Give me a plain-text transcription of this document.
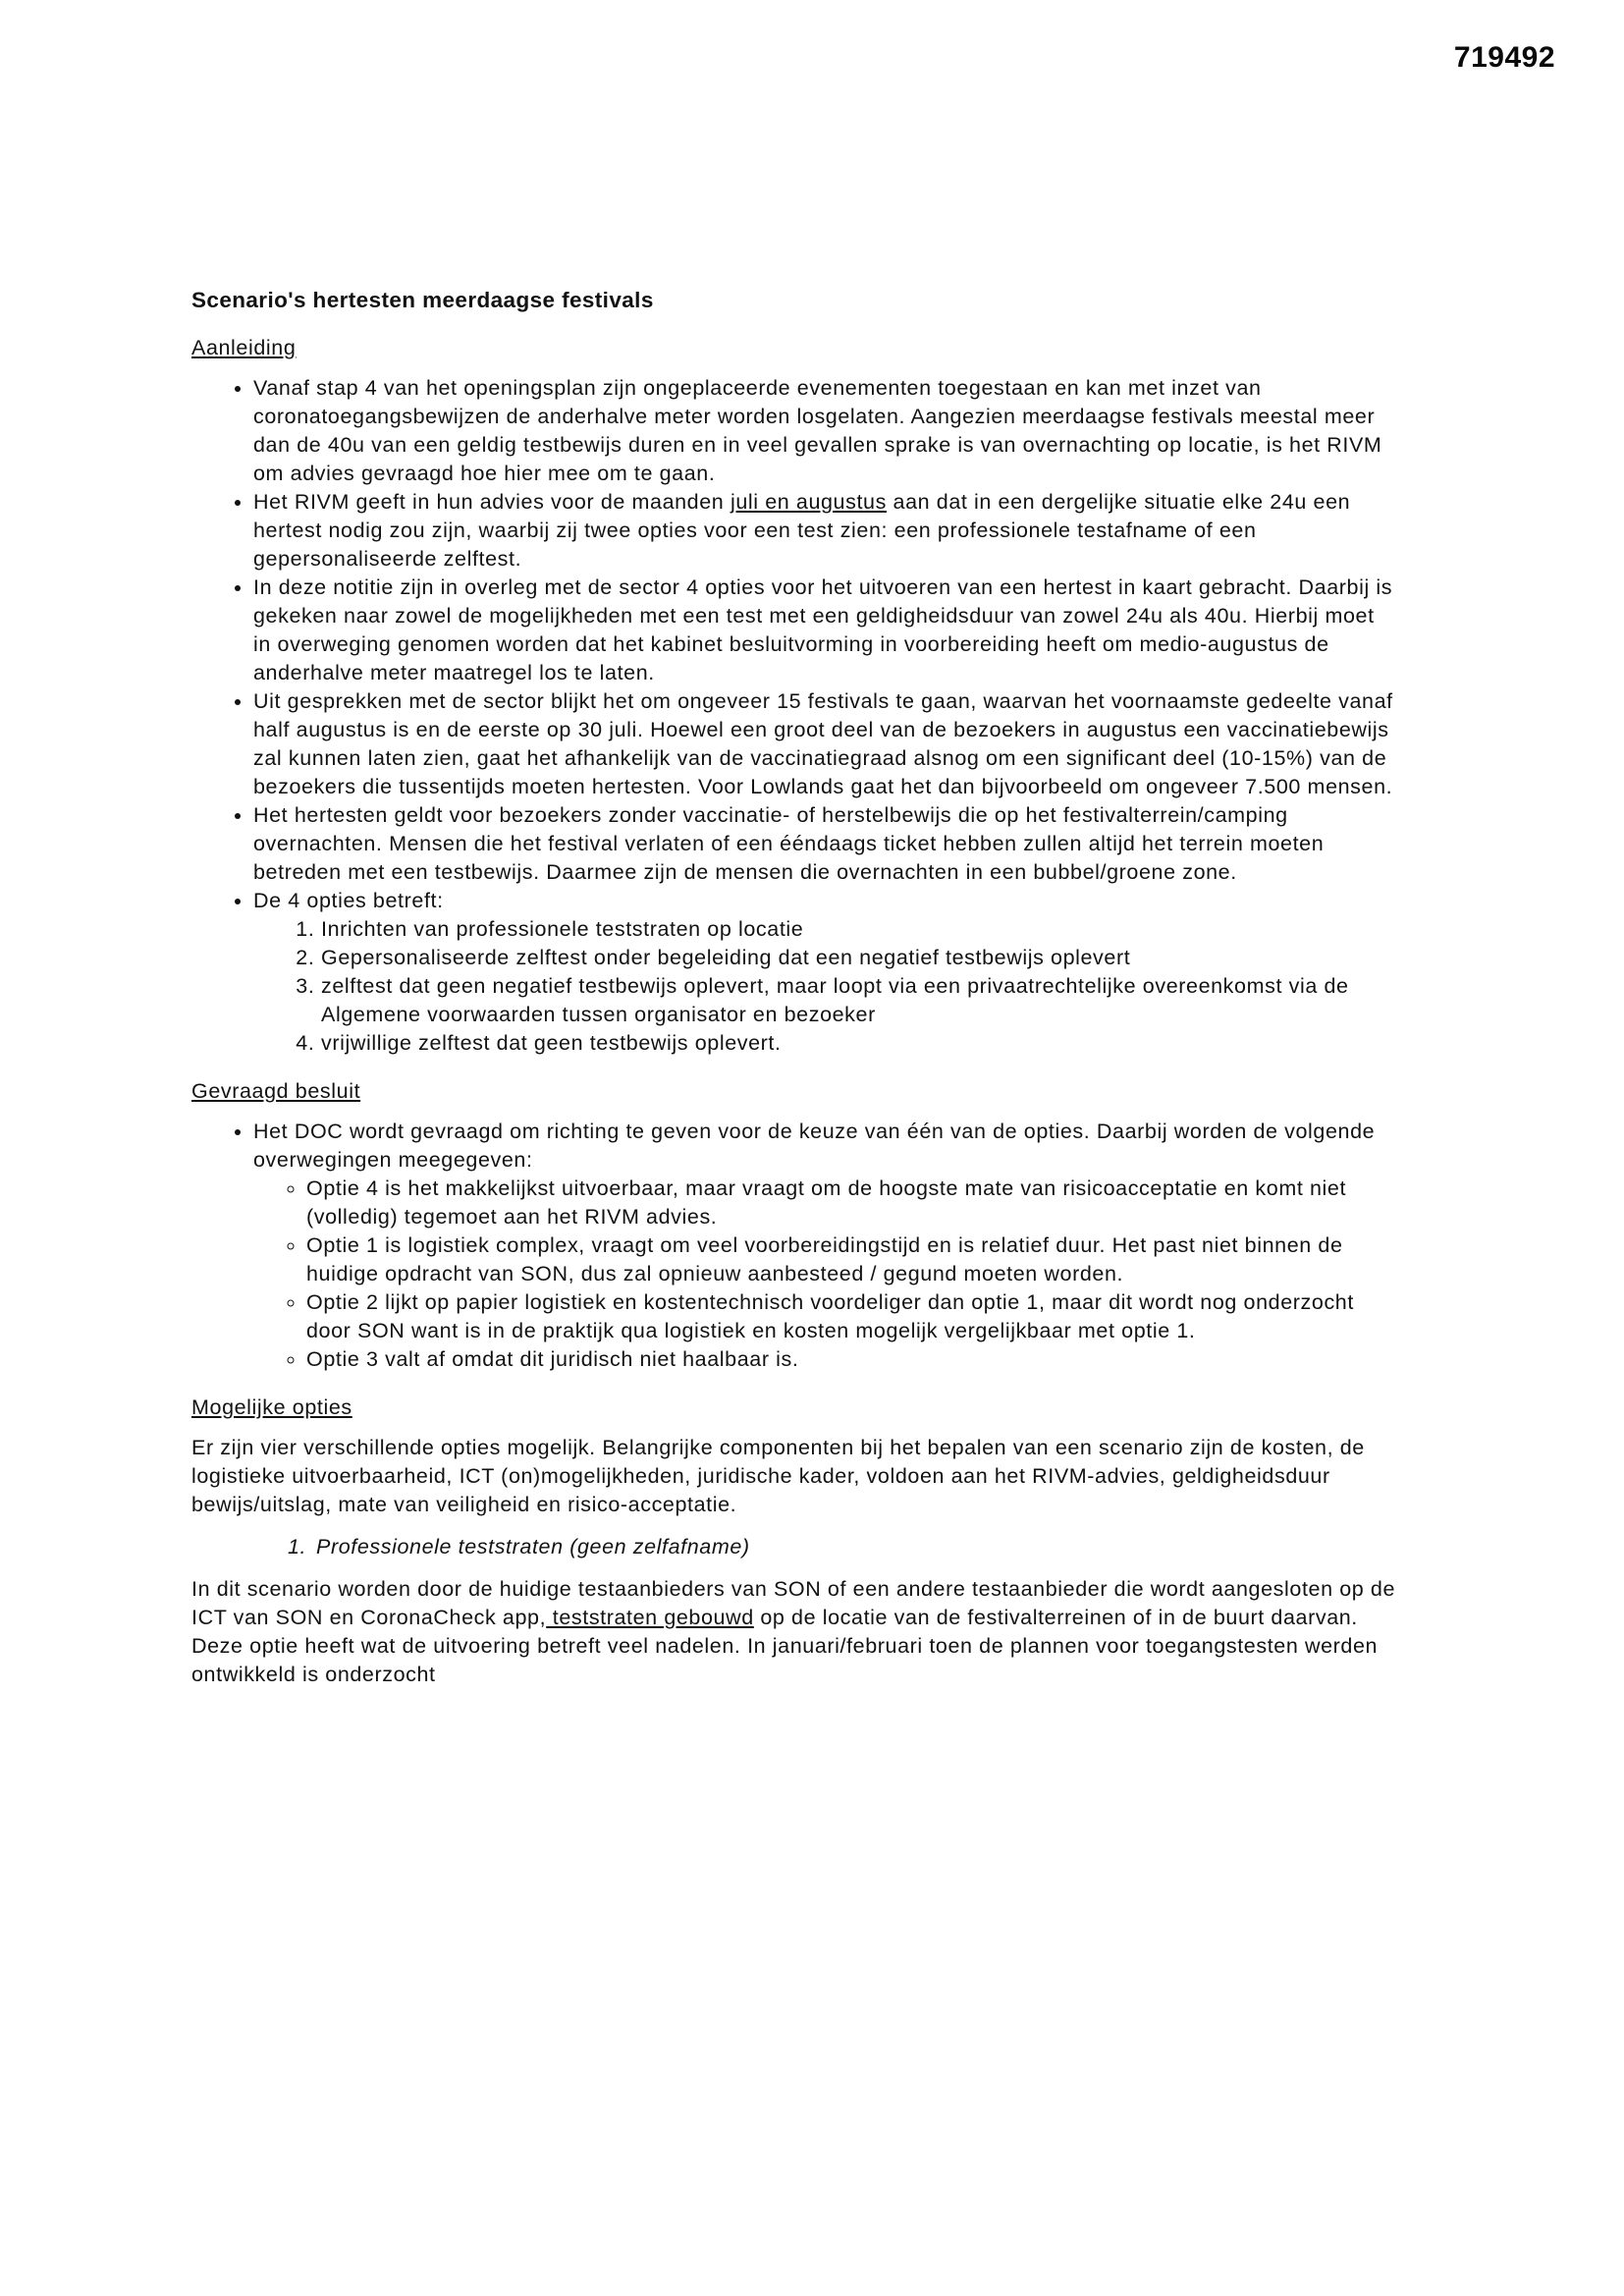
719492
Scenario's hertesten meerdaagse festivals
Aanleiding
• Vanaf stap 4 van het openingsplan zijn ongeplaceerde evenementen toegestaan en kan met inzet van coronatoegangsbewijzen de anderhalve meter worden losgelaten. Aangezien meerdaagse festivals meestal meer dan de 40u van een geldig testbewijs duren en in veel gevallen sprake is van overnachting op locatie, is het RIVM om advies gevraagd hoe hier mee om te gaan.
• Het RIVM geeft in hun advies voor de maanden juli en augustus aan dat in een dergelijke situatie elke 24u een hertest nodig zou zijn, waarbij zij twee opties voor een test zien: een professionele testafname of een gepersonaliseerde zelftest.
• In deze notitie zijn in overleg met de sector 4 opties voor het uitvoeren van een hertest in kaart gebracht. Daarbij is gekeken naar zowel de mogelijkheden met een test met een geldigheidsduur van zowel 24u als 40u. Hierbij moet in overweging genomen worden dat het kabinet besluitvorming in voorbereiding heeft om medio-augustus de anderhalve meter maatregel los te laten.
• Uit gesprekken met de sector blijkt het om ongeveer 15 festivals te gaan, waarvan het voornaamste gedeelte vanaf half augustus is en de eerste op 30 juli. Hoewel een groot deel van de bezoekers in augustus een vaccinatiebewijs zal kunnen laten zien, gaat het afhankelijk van de vaccinatiegraad alsnog om een significant deel (10-15%) van de bezoekers die tussentijds moeten hertesten. Voor Lowlands gaat het dan bijvoorbeeld om ongeveer 7.500 mensen.
• Het hertesten geldt voor bezoekers zonder vaccinatie- of herstelbewijs die op het festivalterrein/camping overnachten. Mensen die het festival verlaten of een ééndaags ticket hebben zullen altijd het terrein moeten betreden met een testbewijs. Daarmee zijn de mensen die overnachten in een bubbel/groene zone.
• De 4 opties betreft:
1. Inrichten van professionele teststraten op locatie
2. Gepersonaliseerde zelftest onder begeleiding dat een negatief testbewijs oplevert
3. zelftest dat geen negatief testbewijs oplevert, maar loopt via een privaatrechtelijke overeenkomst via de Algemene voorwaarden tussen organisator en bezoeker
4. vrijwillige zelftest dat geen testbewijs oplevert.
Gevraagd besluit
• Het DOC wordt gevraagd om richting te geven voor de keuze van één van de opties. Daarbij worden de volgende overwegingen meegegeven:
◦ Optie 4 is het makkelijkst uitvoerbaar, maar vraagt om de hoogste mate van risicoacceptatie en komt niet (volledig) tegemoet aan het RIVM advies.
◦ Optie 1 is logistiek complex, vraagt om veel voorbereidingstijd en is relatief duur. Het past niet binnen de huidige opdracht van SON, dus zal opnieuw aanbesteed / gegund moeten worden.
◦ Optie 2 lijkt op papier logistiek en kostentechnisch voordeliger dan optie 1, maar dit wordt nog onderzocht door SON want is in de praktijk qua logistiek en kosten mogelijk vergelijkbaar met optie 1.
◦ Optie 3 valt af omdat dit juridisch niet haalbaar is.
Mogelijke opties

Er zijn vier verschillende opties mogelijk. Belangrijke componenten bij het bepalen van een scenario zijn de kosten, de logistieke uitvoerbaarheid, ICT (on)mogelijkheden, juridische kader, voldoen aan het RIVM-advies, geldigheidsduur bewijs/uitslag, mate van veiligheid en risico-acceptatie.

1. Professionele teststraten (geen zelfafname)

In dit scenario worden door de huidige testaanbieders van SON of een andere testaanbieder die wordt aangesloten op de ICT van SON en CoronaCheck app, teststraten gebouwd op de locatie van de festivalterreinen of in de buurt daarvan. Deze optie heeft wat de uitvoering betreft veel nadelen. In januari/februari toen de plannen voor toegangstesten werden ontwikkeld is onderzocht
